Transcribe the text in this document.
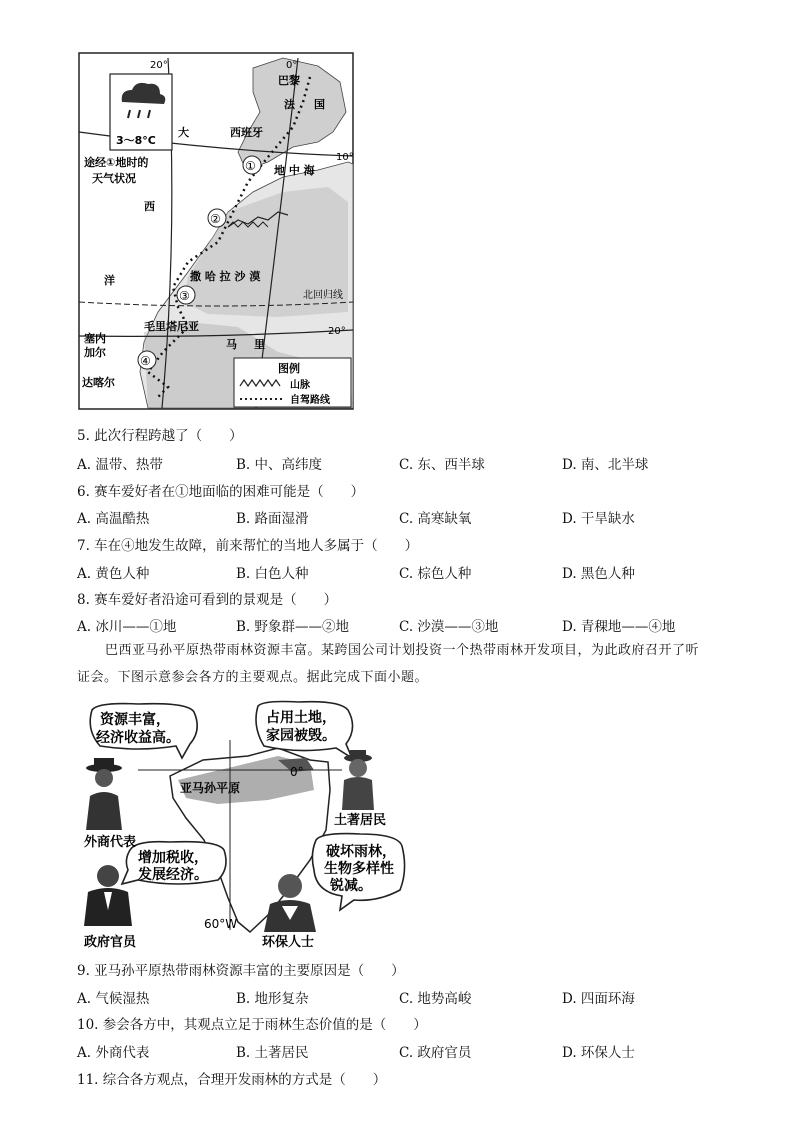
3～8°C
20°	0°
10°
20°
北回归线
途经①地时的
天气状况
巴黎
法 国
西班牙
地 中 海
大
西
洋	撒 哈 拉 沙 漠
毛里塔尼亚
马 里
塞内
加尔
达喀尔
①
②
③
④
图例
山脉
自驾路线
5. 此次行程跨越了（　　）
A. 温带、热带	B. 中、高纬度	C. 东、西半球	D. 南、北半球
6. 赛车爱好者在①地面临的困难可能是（　　）
A. 高温酷热	B. 路面湿滑	C. 高寒缺氧	D. 干旱缺水
7. 车在④地发生故障，前来帮忙的当地人多属于（　　）
A. 黄色人种	B. 白色人种	C. 棕色人种	D. 黑色人种
8. 赛车爱好者沿途可看到的景观是（　　）
A. 冰川——①地	B. 野象群——②地	C. 沙漠——③地	D. 青稞地——④地
巴西亚马孙平原热带雨林资源丰富。某跨国公司计划投资一个热带雨林开发项目，为此政府召开了听
证会。下图示意参会各方的主要观点。据此完成下面小题。
亚马孙平原
0°
60°W
资源丰富，
经济收益高。
占用土地，
家园被毁。
增加税收，
发展经济。
破坏雨林，
生物多样性
锐减。
外商代表
土著居民
政府官员	环保人士
9. 亚马孙平原热带雨林资源丰富的主要原因是（　　）
A. 气候湿热	B. 地形复杂	C. 地势高峻	D. 四面环海
10. 参会各方中，其观点立足于雨林生态价值的是（　　）
A. 外商代表	B. 土著居民	C. 政府官员	D. 环保人士
11. 综合各方观点，合理开发雨林的方式是（　　）
